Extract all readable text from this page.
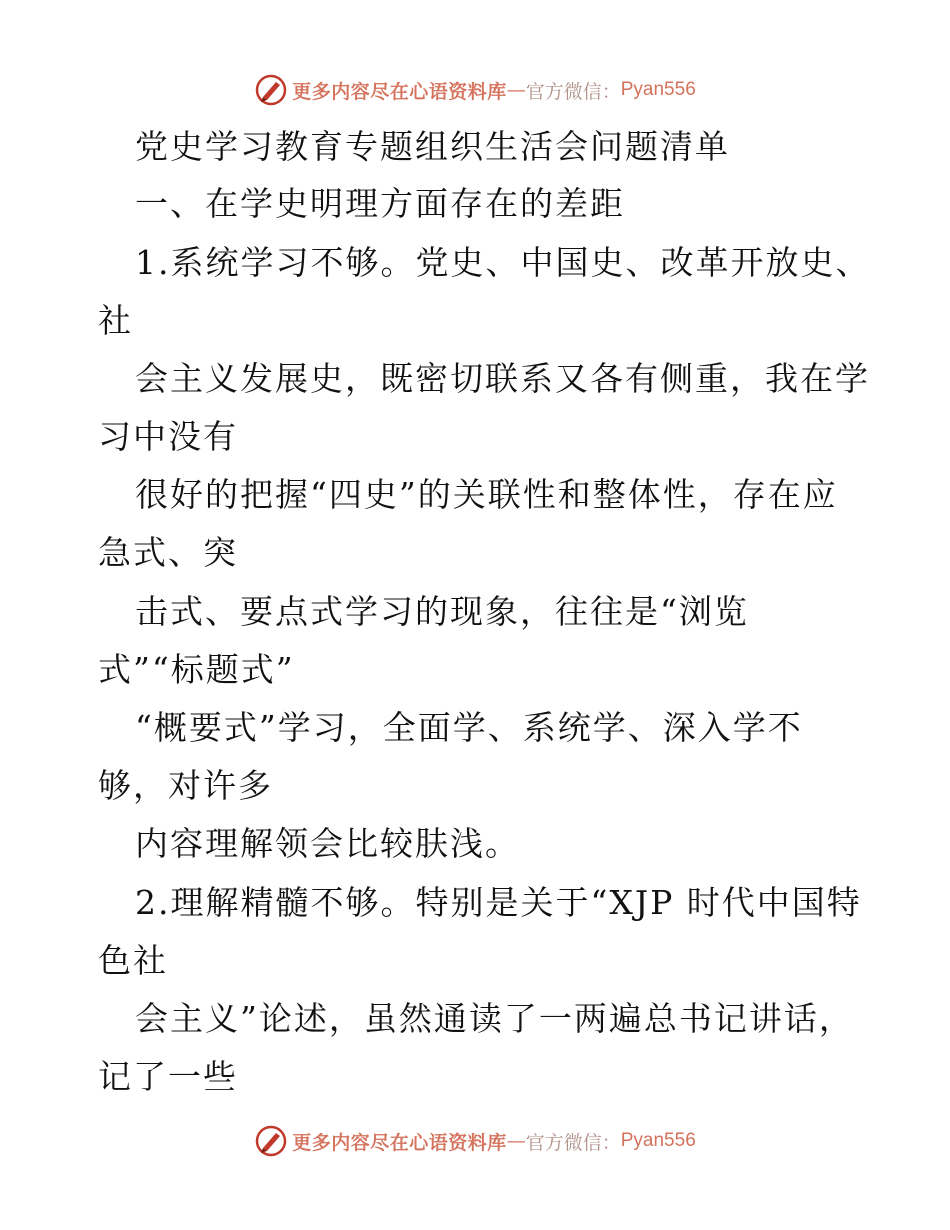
更多内容尽在心语资料库 — 官方微信： Pyan556
党史学习教育专题组织生活会问题清单
一、在学史明理方面存在的差距
1.系统学习不够。党史、中国史、改革开放史、
社
会主义发展史，既密切联系又各有侧重，我在学
习中没有
很好的把握“四史”的关联性和整体性，存在应
急式、突
击式、要点式学习的现象，往往是“浏览
式”“标题式”
“概要式”学习，全面学、系统学、深入学不
够，对许多
内容理解领会比较肤浅。
2.理解精髓不够。特别是关于“XJP 时代中国特
色社
会主义”论述，虽然通读了一两遍总书记讲话，
记了一些
更多内容尽在心语资料库 — 官方微信： Pyan556
